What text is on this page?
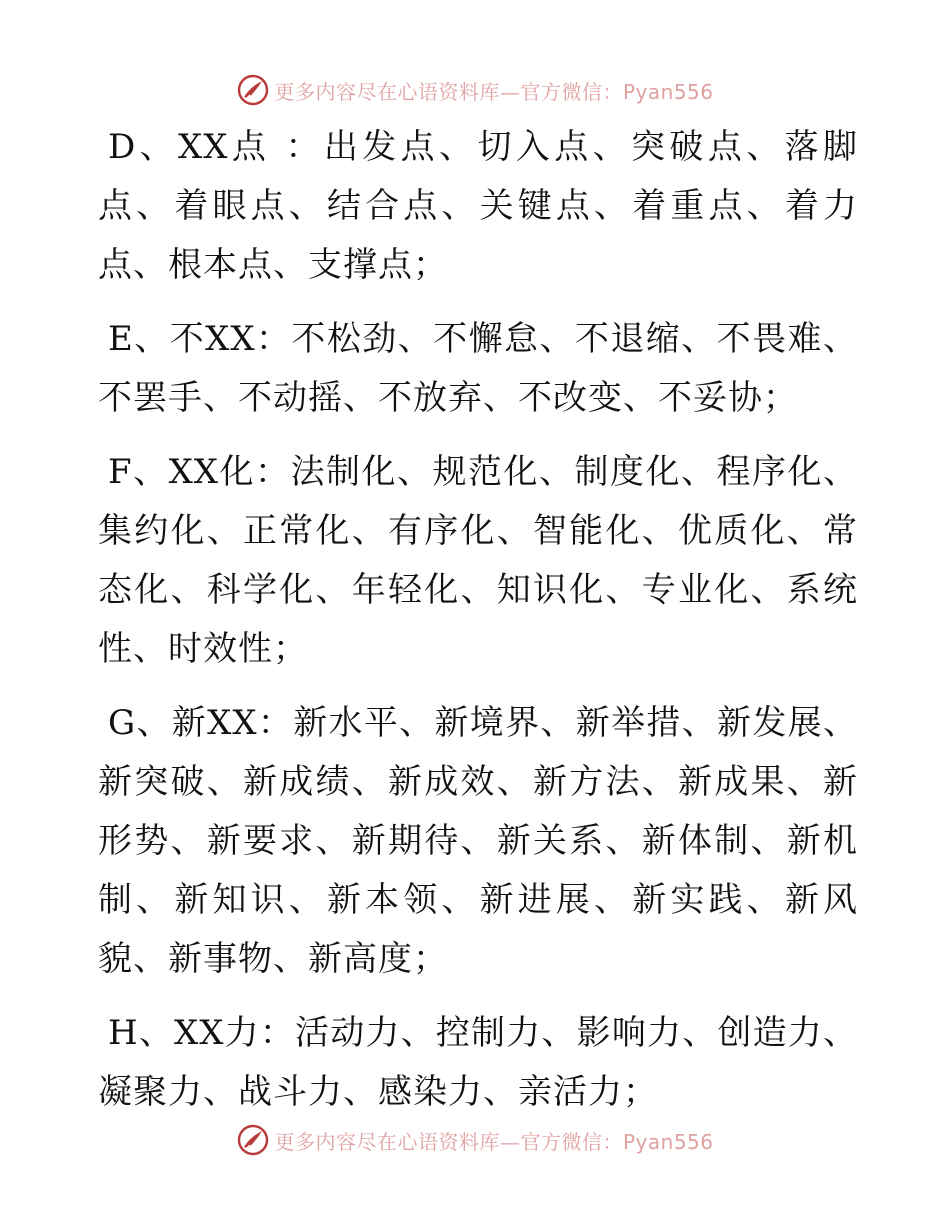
更多内容尽在心语资料库—官方微信：Pyan556

D、XX点 ：出发点、切入点、突破点、落脚点、着眼点、结合点、关键点、着重点、着力点、根本点、支撑点；

E、不XX：不松劲、不懈怠、不退缩、不畏难、不罢手、不动摇、不放弃、不改变、不妥协；

F、XX化：法制化、规范化、制度化、程序化、集约化、正常化、有序化、智能化、优质化、常态化、科学化、年轻化、知识化、专业化、系统性、时效性；

G、新XX：新水平、新境界、新举措、新发展、新突破、新成绩、新成效、新方法、新成果、新形势、新要求、新期待、新关系、新体制、新机制、新知识、新本领、新进展、新实践、新风貌、新事物、新高度；

H、XX力：活动力、控制力、影响力、创造力、凝聚力、战斗力、感染力、亲活力；

更多内容尽在心语资料库—官方微信：Pyan556
